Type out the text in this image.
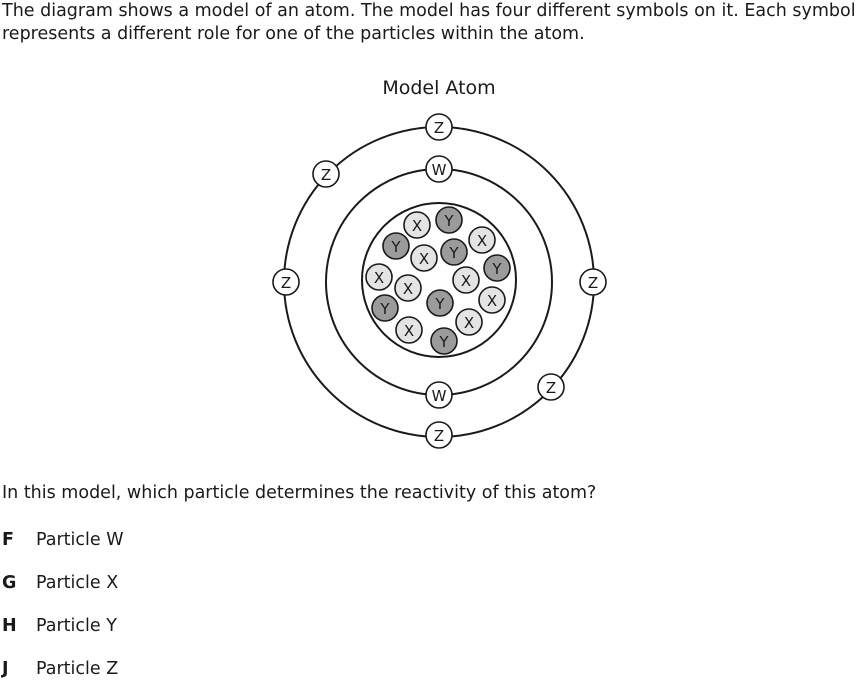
The diagram shows a model of an atom. The model has four different symbols on it. Each symbol represents a different role for one of the particles within the atom.

Model Atom

Z
Z
Z	Z
Z
Z
W
W
X Y
X
Y
X Y
X
X	X
Y
Y	X
X
Y
X
Y

In this model, which particle determines the reactivity of this atom?

F Particle W
G Particle X
H Particle Y
J Particle Z
